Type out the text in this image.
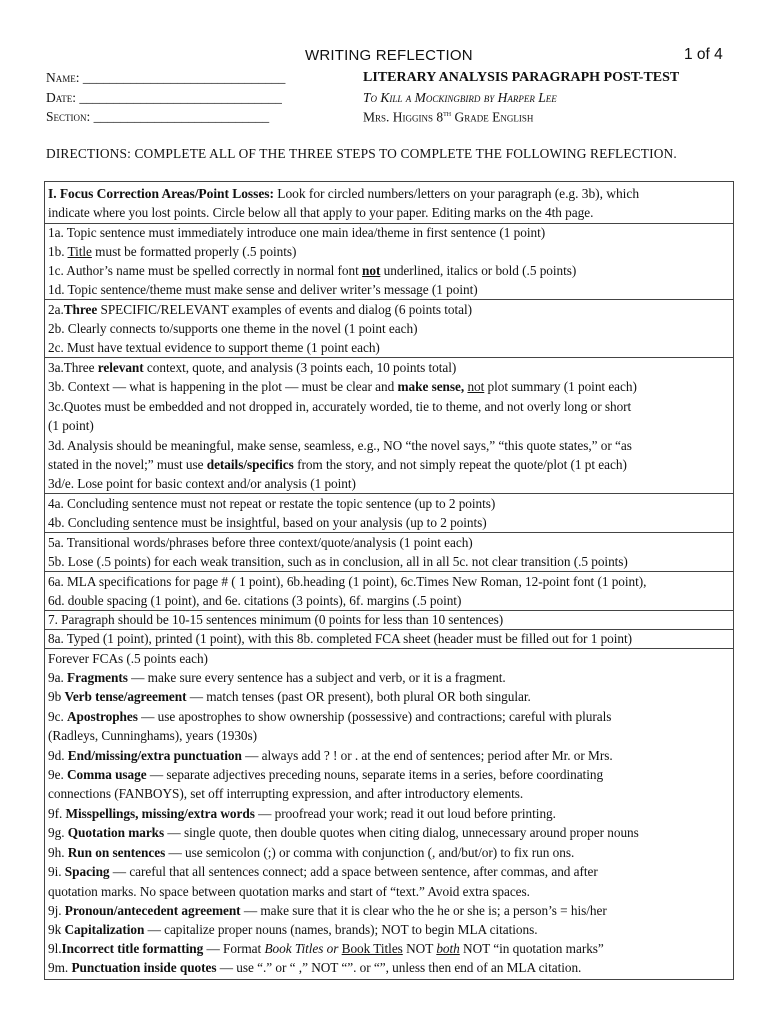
WRITING REFLECTION	1 of 4
Name: ______________________________
Date: ______________________________
Section: __________________________
LITERARY ANALYSIS PARAGRAPH POST-TEST
To Kill a Mockingbird by Harper Lee
Mrs. Higgins 8th Grade English
DIRECTIONS: COMPLETE ALL OF THE THREE STEPS TO COMPLETE THE FOLLOWING REFLECTION.
I. Focus Correction Areas/Point Losses: Look for circled numbers/letters on your paragraph (e.g. 3b), which
indicate where you lost points. Circle below all that apply to your paper. Editing marks on the 4th page.
1a. Topic sentence must immediately introduce one main idea/theme in first sentence (1 point)
1b. Title must be formatted properly (.5 points)
1c. Author’s name must be spelled correctly in normal font not underlined, italics or bold (.5 points)
1d. Topic sentence/theme must make sense and deliver writer’s message (1 point)
2a.Three SPECIFIC/RELEVANT examples of events and dialog (6 points total)
2b. Clearly connects to/supports one theme in the novel (1 point each)
2c. Must have textual evidence to support theme (1 point each)
3a.Three relevant context, quote, and analysis (3 points each, 10 points total)
3b. Context — what is happening in the plot — must be clear and make sense, not plot summary (1 point each)
3c.Quotes must be embedded and not dropped in, accurately worded, tie to theme, and not overly long or short
(1 point)
3d. Analysis should be meaningful, make sense, seamless, e.g., NO “the novel says,” “this quote states,” or “as
stated in the novel;” must use details/specifics from the story, and not simply repeat the quote/plot (1 pt each)
3d/e. Lose point for basic context and/or analysis (1 point)
4a. Concluding sentence must not repeat or restate the topic sentence (up to 2 points)
4b. Concluding sentence must be insightful, based on your analysis (up to 2 points)
5a. Transitional words/phrases before three context/quote/analysis (1 point each)
5b. Lose (.5 points) for each weak transition, such as in conclusion, all in all 5c. not clear transition (.5 points)
6a. MLA specifications for page # ( 1 point), 6b.heading (1 point), 6c.Times New Roman, 12-point font (1 point),
6d. double spacing (1 point), and 6e. citations (3 points), 6f. margins (.5 point)
7. Paragraph should be 10-15 sentences minimum (0 points for less than 10 sentences)
8a. Typed (1 point), printed (1 point), with this 8b. completed FCA sheet (header must be filled out for 1 point)
Forever FCAs (.5 points each)
9a. Fragments — make sure every sentence has a subject and verb, or it is a fragment.
9b Verb tense/agreement — match tenses (past OR present), both plural OR both singular.
9c. Apostrophes — use apostrophes to show ownership (possessive) and contractions; careful with plurals
(Radleys, Cunninghams), years (1930s)
9d. End/missing/extra punctuation — always add ? ! or . at the end of sentences; period after Mr. or Mrs.
9e. Comma usage — separate adjectives preceding nouns, separate items in a series, before coordinating
connections (FANBOYS), set off interrupting expression, and after introductory elements.
9f. Misspellings, missing/extra words — proofread your work; read it out loud before printing.
9g. Quotation marks — single quote, then double quotes when citing dialog, unnecessary around proper nouns
9h. Run on sentences — use semicolon (;) or comma with conjunction (, and/but/or) to fix run ons.
9i. Spacing — careful that all sentences connect; add a space between sentence, after commas, and after
quotation marks. No space between quotation marks and start of “text.” Avoid extra spaces.
9j. Pronoun/antecedent agreement — make sure that it is clear who the he or she is; a person’s = his/her
9k Capitalization — capitalize proper nouns (names, brands); NOT to begin MLA citations.
9l.Incorrect title formatting — Format Book Titles or Book Titles NOT both NOT “in quotation marks”
9m. Punctuation inside quotes — use “.” or “ ,” NOT “”. or “”, unless then end of an MLA citation.
